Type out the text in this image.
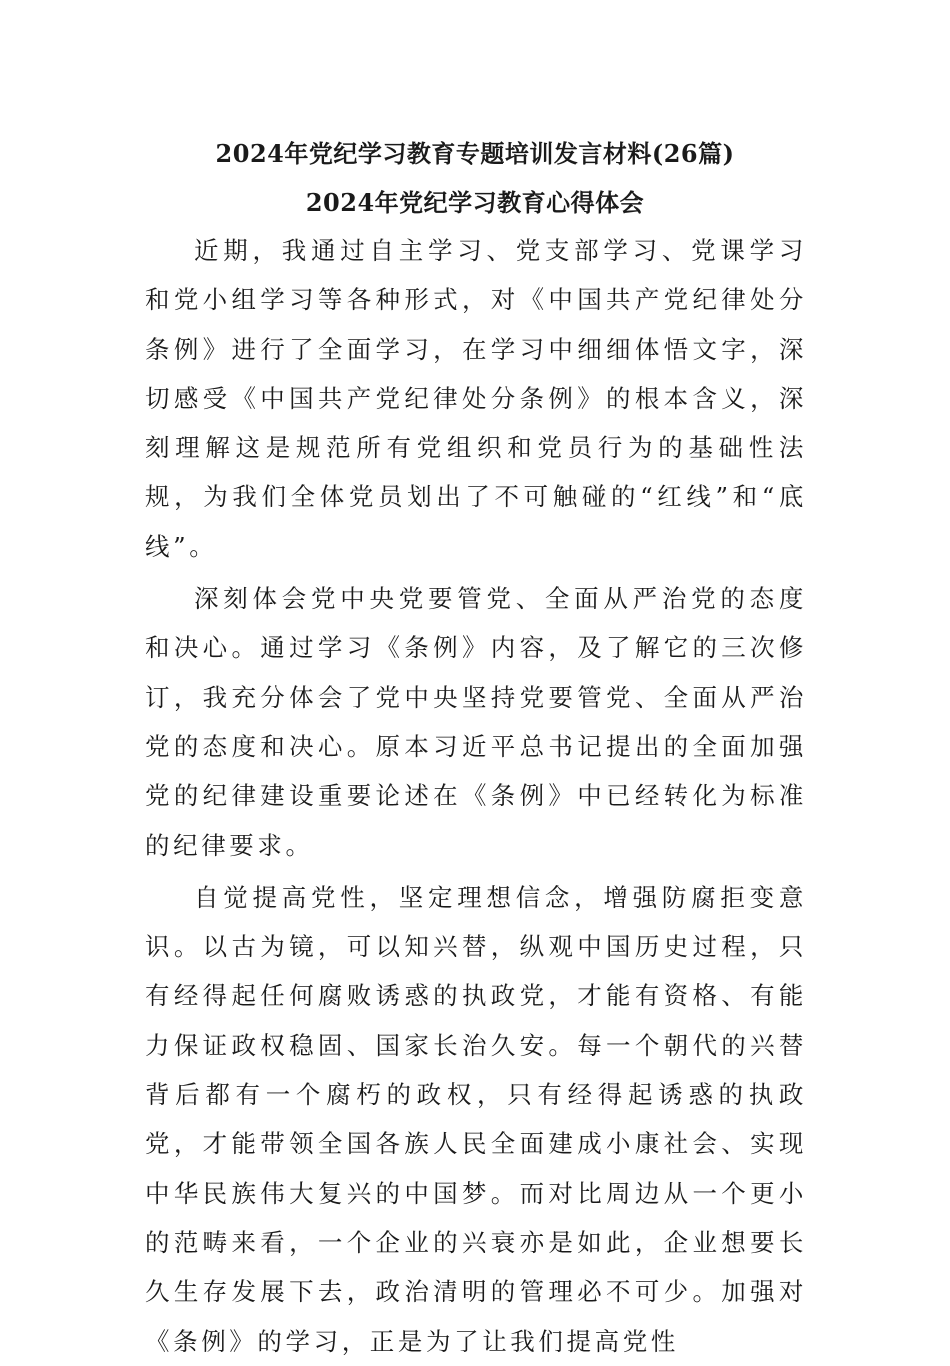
2024年党纪学习教育专题培训发言材料(26篇)
2024年党纪学习教育心得体会

近期，我通过自主学习、党支部学习、党课学习和党小组学习等各种形式，对《中国共产党纪律处分条例》进行了全面学习，在学习中细细体悟文字，深切感受《中国共产党纪律处分条例》的根本含义，深刻理解这是规范所有党组织和党员行为的基础性法规，为我们全体党员划出了不可触碰的“红线”和“底线”。

深刻体会党中央党要管党、全面从严治党的态度和决心。通过学习《条例》内容，及了解它的三次修订，我充分体会了党中央坚持党要管党、全面从严治党的态度和决心。原本习近平总书记提出的全面加强党的纪律建设重要论述在《条例》中已经转化为标准的纪律要求。

自觉提高党性，坚定理想信念，增强防腐拒变意识。以古为镜，可以知兴替，纵观中国历史过程，只有经得起任何腐败诱惑的执政党，才能有资格、有能力保证政权稳固、国家长治久安。每一个朝代的兴替背后都有一个腐朽的政权，只有经得起诱惑的执政党，才能带领全国各族人民全面建成小康社会、实现中华民族伟大复兴的中国梦。而对比周边从一个更小的范畴来看，一个企业的兴衰亦是如此，企业想要长久生存发展下去，政治清明的管理必不可少。加强对《条例》的学习，正是为了让我们提高党性
